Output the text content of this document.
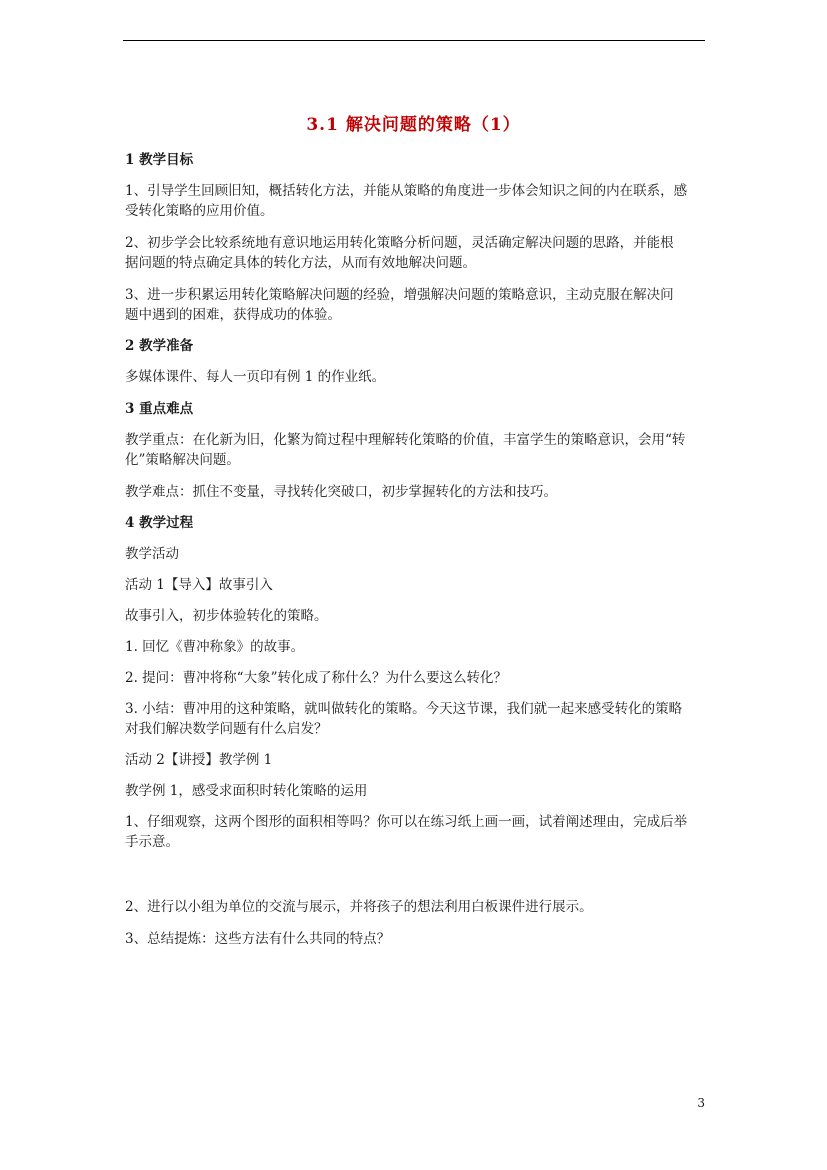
3.1 解决问题的策略（1）
1 教学目标
1、引导学生回顾旧知，概括转化方法，并能从策略的角度进一步体会知识之间的内在联系，感
受转化策略的应用价值。
2、初步学会比较系统地有意识地运用转化策略分析问题，灵活确定解决问题的思路，并能根
据问题的特点确定具体的转化方法，从而有效地解决问题。
3、进一步积累运用转化策略解决问题的经验，增强解决问题的策略意识，主动克服在解决问
题中遇到的困难，获得成功的体验。
2 教学准备
多媒体课件、每人一页印有例 1 的作业纸。
3 重点难点
教学重点：在化新为旧，化繁为简过程中理解转化策略的价值，丰富学生的策略意识，会用“转
化”策略解决问题。
教学难点：抓住不变量，寻找转化突破口，初步掌握转化的方法和技巧。
4 教学过程
教学活动
活动 1【导入】故事引入
故事引入，初步体验转化的策略。
1. 回忆《曹冲称象》的故事。
2. 提问：曹冲将称“大象”转化成了称什么？为什么要这么转化？
3. 小结：曹冲用的这种策略，就叫做转化的策略。今天这节课，我们就一起来感受转化的策略
对我们解决数学问题有什么启发？
活动 2【讲授】教学例 1
教学例 1，感受求面积时转化策略的运用
1、仔细观察，这两个图形的面积相等吗？你可以在练习纸上画一画，试着阐述理由，完成后举
手示意。
2、进行以小组为单位的交流与展示，并将孩子的想法利用白板课件进行展示。
3、总结提炼：这些方法有什么共同的特点？
3
